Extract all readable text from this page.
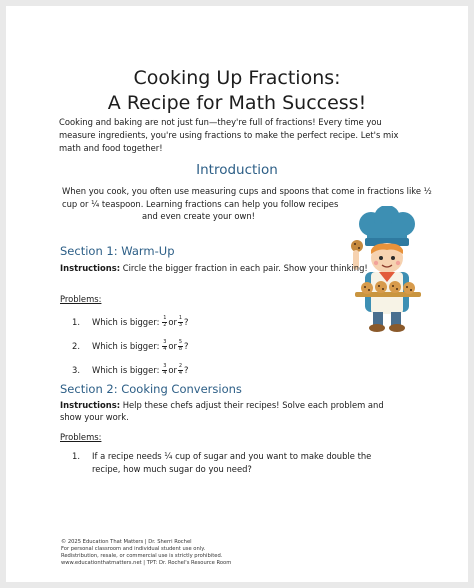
Cooking Up Fractions:
A Recipe for Math Success!
Cooking and baking are not just fun—they're full of fractions! Every time you measure ingredients, you're using fractions to make the perfect recipe. Let's mix math and food together!
Introduction
When you cook, you often use measuring cups and spoons that come in fractions like ½
cup or ¼ teaspoon. Learning fractions can help you follow recipes
and even create your own!
Section 1: Warm-Up
Instructions: Circle the bigger fraction in each pair. Show your thinking!
Problems:
1.	Which is bigger: $\frac{1}{2}$ or $\frac{1}{3}$ ?
2.	Which is bigger: $\frac{3}{4}$ or $\frac{5}{8}$ ?
3.	Which is bigger: $\frac{3}{4}$ or $\frac{2}{4}$ ?
Section 2: Cooking Conversions
Instructions: Help these chefs adjust their recipes! Solve each problem and show your work.
Problems:
1.	If a recipe needs ¼ cup of sugar and you want to make double the recipe, how much sugar do you need?
© 2025 Education That Matters | Dr. Sherri Rochel
For personal classroom and individual student use only.
Redistribution, resale, or commercial use is strictly prohibited.
www.educationthatmatters.net | TPT: Dr. Rochel's Resource Room
